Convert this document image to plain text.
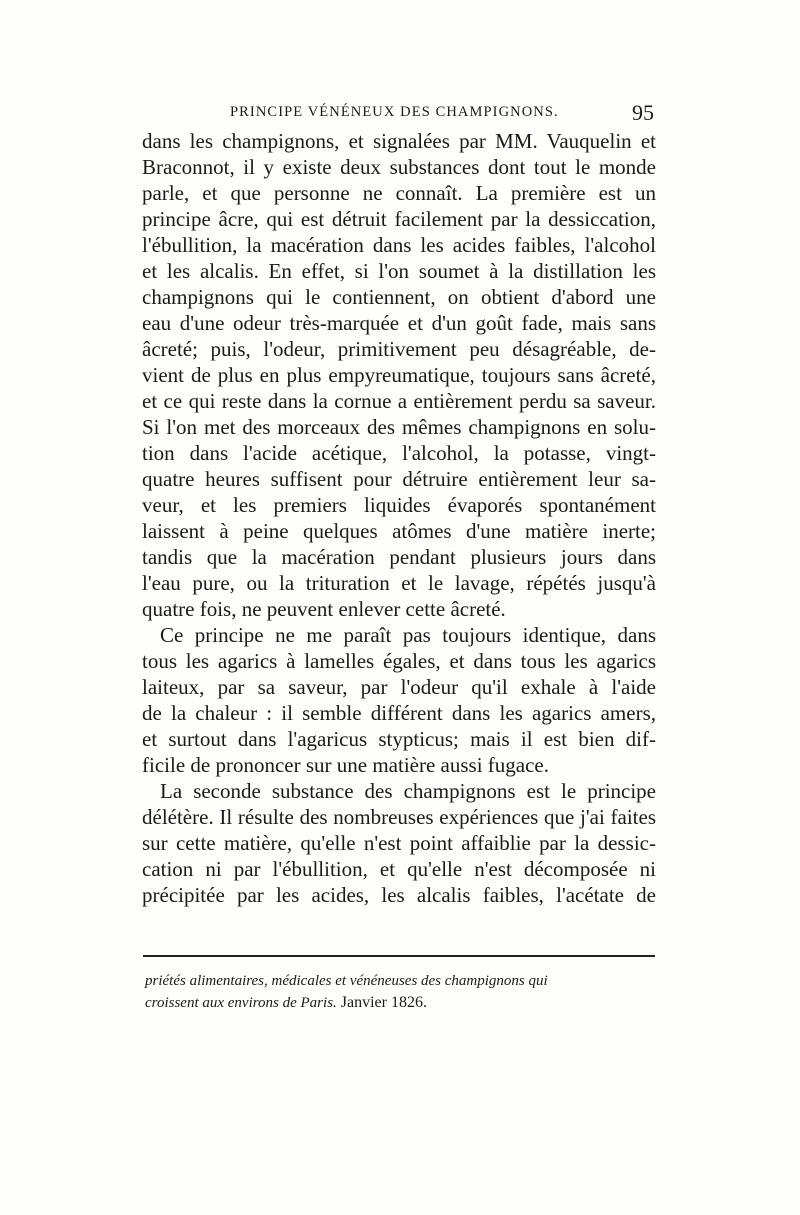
PRINCIPE VÉNÉNEUX DES CHAMPIGNONS.	95
dans les champignons, et signalées par MM. Vauquelin et
Braconnot, il y existe deux substances dont tout le monde
parle, et que personne ne connaît. La première est un
principe âcre, qui est détruit facilement par la dessiccation,
l'ébullition, la macération dans les acides faibles, l'alcohol
et les alcalis. En effet, si l'on soumet à la distillation les
champignons qui le contiennent, on obtient d'abord une
eau d'une odeur très-marquée et d'un goût fade, mais sans
âcreté; puis, l'odeur, primitivement peu désagréable, de-
vient de plus en plus empyreumatique, toujours sans âcreté,
et ce qui reste dans la cornue a entièrement perdu sa saveur.
Si l'on met des morceaux des mêmes champignons en solu-
tion dans l'acide acétique, l'alcohol, la potasse, vingt-
quatre heures suffisent pour détruire entièrement leur sa-
veur, et les premiers liquides évaporés spontanément
laissent à peine quelques atômes d'une matière inerte;
tandis que la macération pendant plusieurs jours dans
l'eau pure, ou la trituration et le lavage, répétés jusqu'à
quatre fois, ne peuvent enlever cette âcreté.
Ce principe ne me paraît pas toujours identique, dans
tous les agarics à lamelles égales, et dans tous les agarics
laiteux, par sa saveur, par l'odeur qu'il exhale à l'aide
de la chaleur : il semble différent dans les agarics amers,
et surtout dans l'agaricus stypticus; mais il est bien dif-
ficile de prononcer sur une matière aussi fugace.
La seconde substance des champignons est le principe
délétère. Il résulte des nombreuses expériences que j'ai faites
sur cette matière, qu'elle n'est point affaiblie par la dessic-
cation ni par l'ébullition, et qu'elle n'est décomposée ni
précipitée par les acides, les alcalis faibles, l'acétate de
priétés alimentaires, médicales et vénéneuses des champignons qui
croissent aux environs de Paris. Janvier 1826.
